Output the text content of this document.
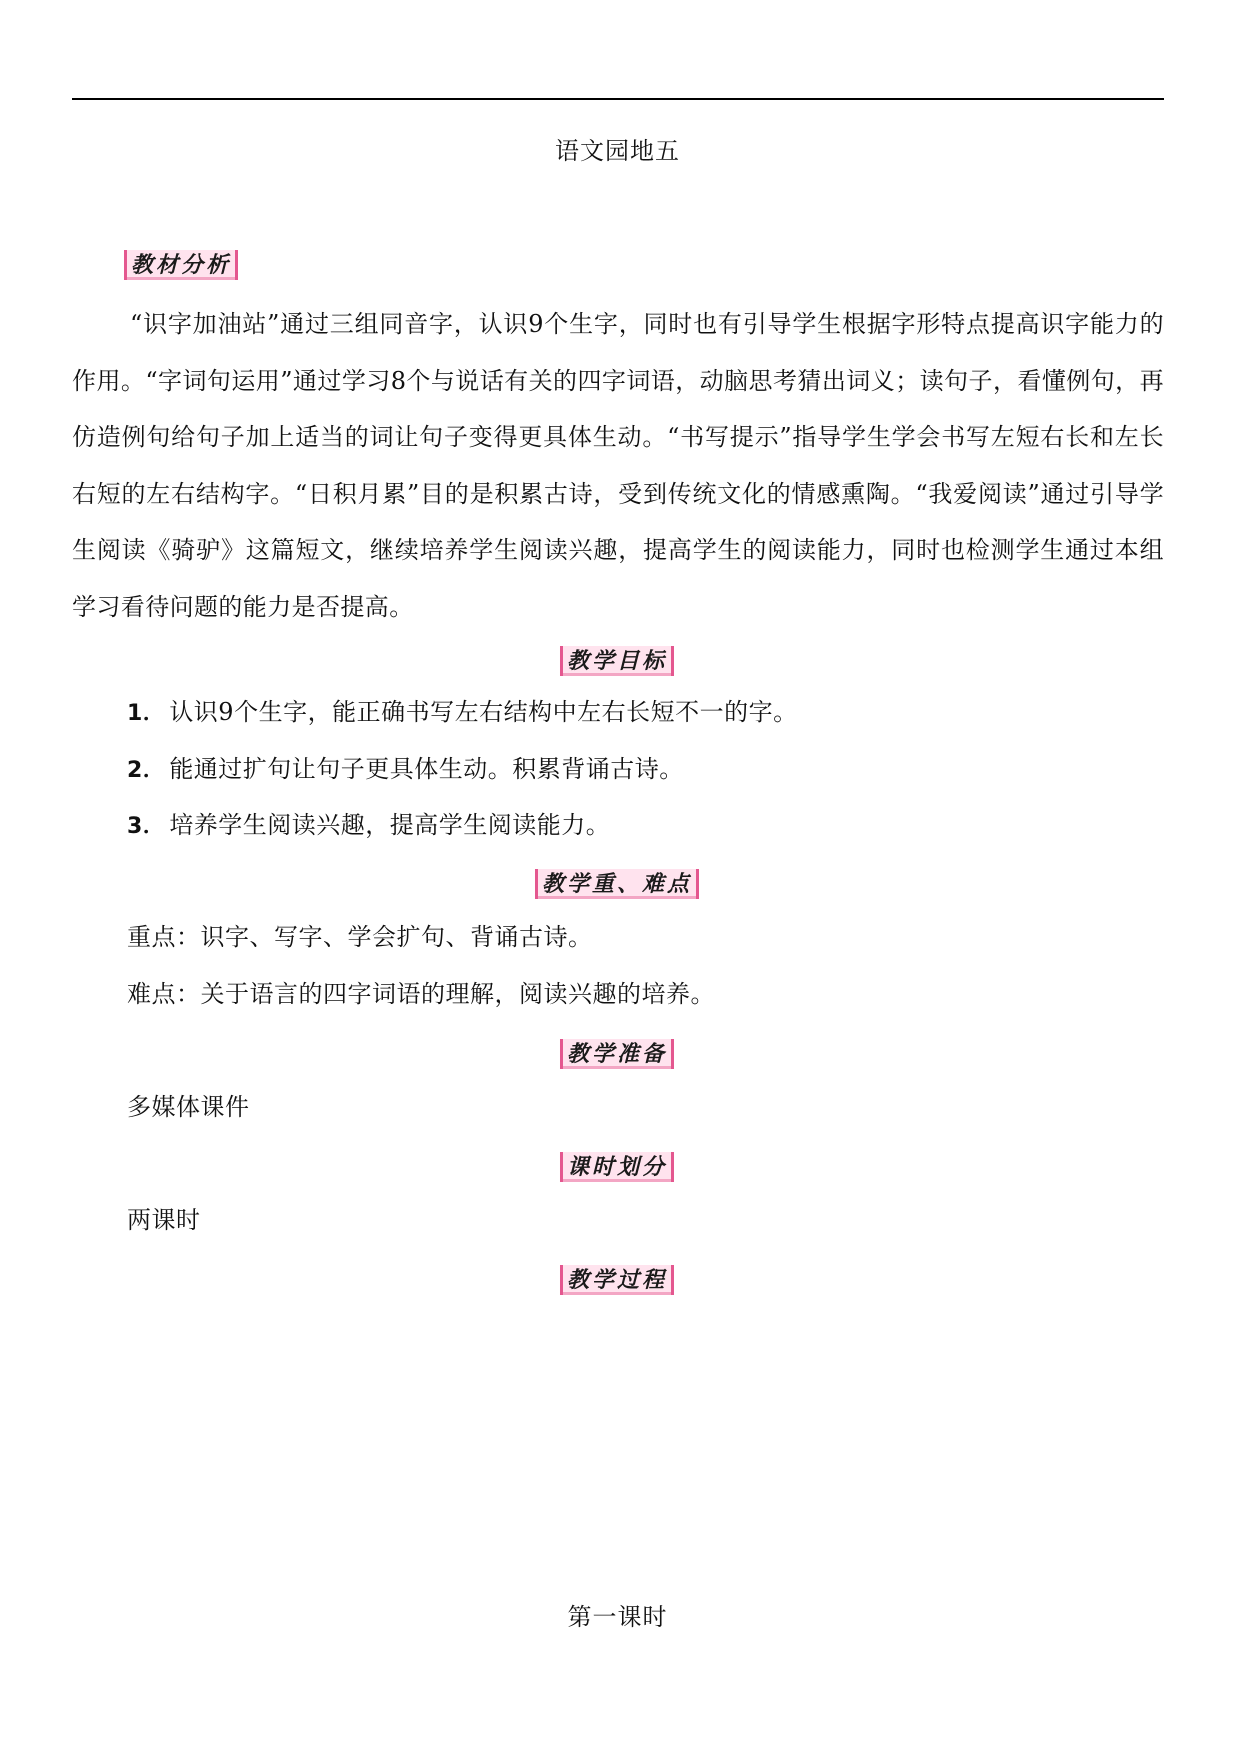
语文园地五
教材分析

“识字加油站”通过三组同音字，认识9个生字，同时也有引导学生根据字形特点提高识字能力的作用。“字词句运用”通过学习8个与说话有关的四字词语，动脑思考猜出词义；读句子，看懂例句，再仿造例句给句子加上适当的词让句子变得更具体生动。“书写提示”指导学生学会书写左短右长和左长右短的左右结构字。“日积月累”目的是积累古诗，受到传统文化的情感熏陶。“我爱阅读”通过引导学生阅读《骑驴》这篇短文，继续培养学生阅读兴趣，提高学生的阅读能力，同时也检测学生通过本组学习看待问题的能力是否提高。

教学目标
1． 认识9个生字，能正确书写左右结构中左右长短不一的字。
2． 能通过扩句让句子更具体生动。积累背诵古诗。
3． 培养学生阅读兴趣，提高学生阅读能力。
教学重、难点
重点：识字、写字、学会扩句、背诵古诗。
难点：关于语言的四字词语的理解，阅读兴趣的培养。
教学准备
多媒体课件
课时划分
两课时
教学过程
第一课时
